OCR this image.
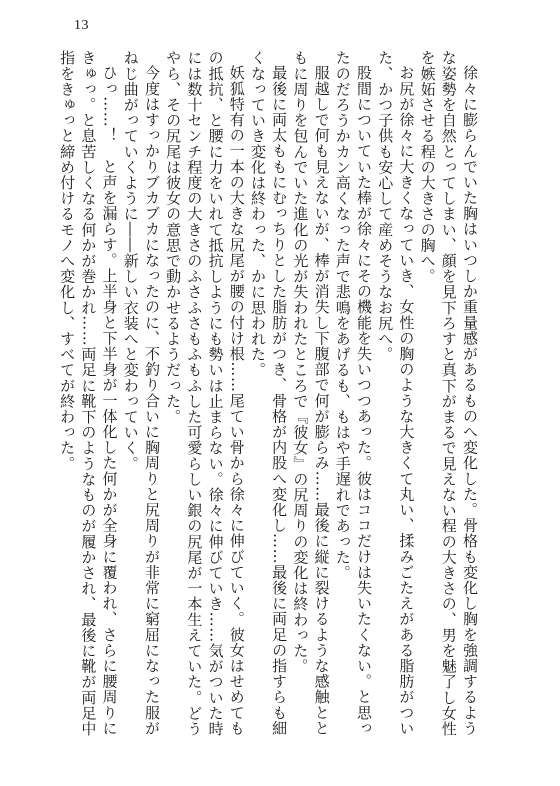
13

徐々に膨らんでいた胸はいつしか重量感があるものへ変化した。骨格も変化し胸を強調するような姿勢を自然とってしまい、顔を見下ろすと真下がまるで見えない程の大きさの、男を魅了し女性を嫉妬させる程の大きさの胸へ。

お尻が徐々に大きくなっていき、女性の胸のような大きくて丸い、揉みごたえがある脂肪がついた、かつ子供も安心して産めそうなお尻へ。

股間についていた棒が徐々にその機能を失いつつあった。彼はココだけは失いたくない。と思ったのだろうかカン高くなった声で悲鳴をあげるも、もはや手遅れであった。

服越しで何も見えないが、棒が消失し下腹部で何が膨らみ……最後に縦に裂けるような感触とともに周りを包んでいた進化の光が失われたところで『彼女』の尻周りの変化は終わった。

最後に両太ももにむっちりとした脂肪がつき、骨格が内股へ変化し……最後に両足の指すらも細くなっていき変化は終わった、かに思われた。

妖狐特有の一本の大きな尻尾が腰の付け根……尾てい骨から徐々に伸びていく。彼女はせめてもの抵抗、と腰に力をいれて抵抗しようにも勢いは止まらない。徐々に伸びていき……気がついた時には数十センチ程度の大きさのふさふさもふもふした可愛らしい銀の尻尾が一本生えていた。どうやら、その尻尾は彼女の意思で動かせるようだった。

今度はすっかりブカブカになったのに、不釣り合いに胸周りと尻周りが非常に窮屈になった服がねじ曲がっていくように――新しい衣装へと変わっていく。

ひっ……！　と声を漏らす。上半身と下半身が一体化した何かが全身に覆われ、さらに腰周りにきゅっ。と息苦しくなる何かが巻かれ……両足に靴下のようなものが履かされ、最後に靴が両足中指をきゅっと締め付けるモノへ変化し、すべてが終わった。
